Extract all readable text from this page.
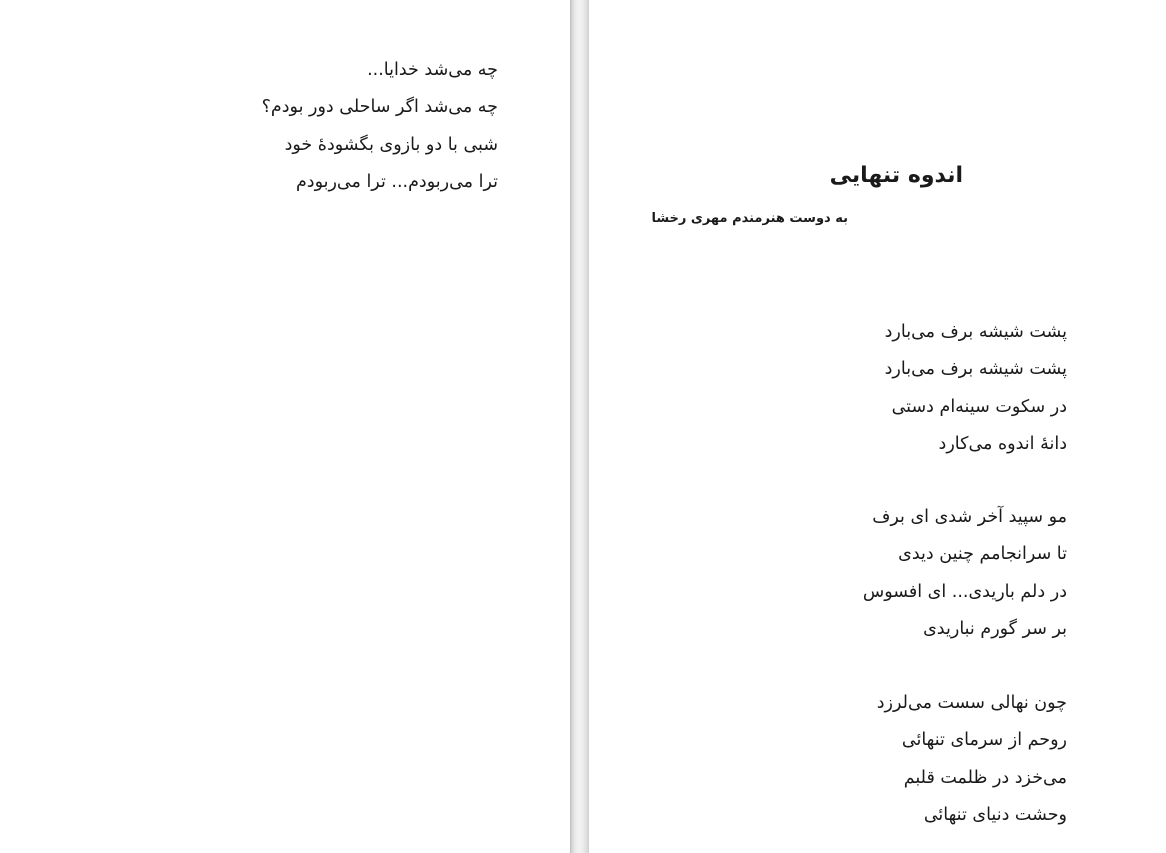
چه می‌شد خدایا...
چه می‌شد اگر ساحلی دور بودم؟
شبی با دو بازوی بگشودهٔ خود
ترا می‌ربودم... ترا می‌ربودم	اندوه تنهایی
به دوست هنرمندم مهری رخشا
پشت شیشه برف می‌بارد
پشت شیشه برف می‌بارد
در سکوت سینه‌ام دستی
دانهٔ اندوه می‌کارد
مو سپید آخر شدی ای برف
تا سرانجامم چنین دیدی
در دلم باریدی... ای افسوس
بر سر گورم نباریدی
چون نهالی سست می‌لرزد
روحم از سرمای تنهائی
می‌خزد در ظلمت قلبم
وحشت دنیای تنهائی
